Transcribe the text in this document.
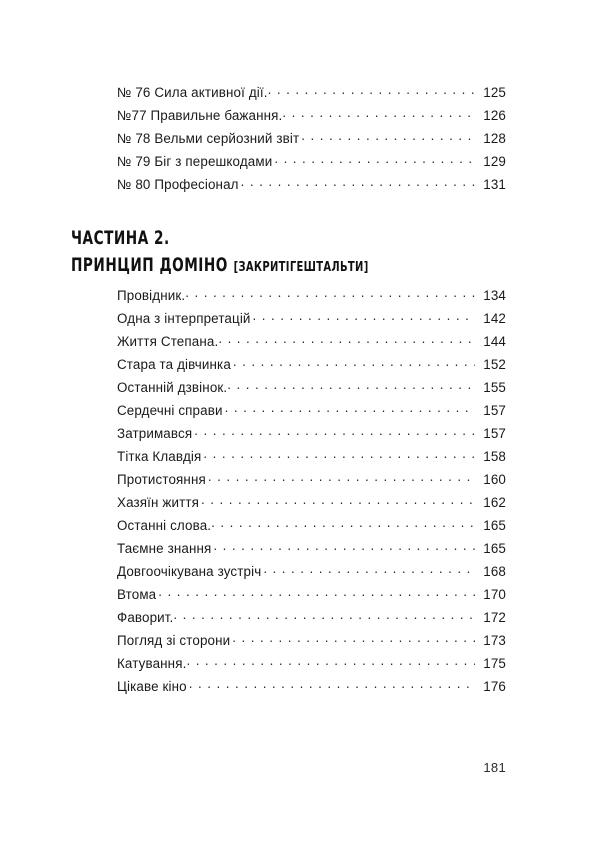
№ 76 Сила активної дії. . . .	125
№77 Правильне бажання. . . .	126
№ 78 Вельми серйозний звіт . . .	128
№ 79 Біг з перешкодами . . .	129
№ 80 Професіонал . . .	131
ЧАСТИНА 2.
ПРИНЦИП ДОМІНО [ЗАКРИТІГЕШТАЛЬТИ]
Провідник. . . .	134
Одна з інтерпретацій . . .	142
Життя Степана. . . .	144
Стара та дівчинка . . .	152
Останній дзвінок. . . .	155
Сердечні справи . . .	157
Затримався . . .	157
Тітка Клавдія . . .	158
Протистояння . . .	160
Хазяїн життя . . .	162
Останні слова. . . .	165
Таємне знання . . .	165
Довгоочікувана зустріч . . .	168
Втома . . .	170
Фаворит. . . .	172
Погляд зі сторони . . .	173
Катування. . . .	175
Цікаве кіно . . .	176
181
